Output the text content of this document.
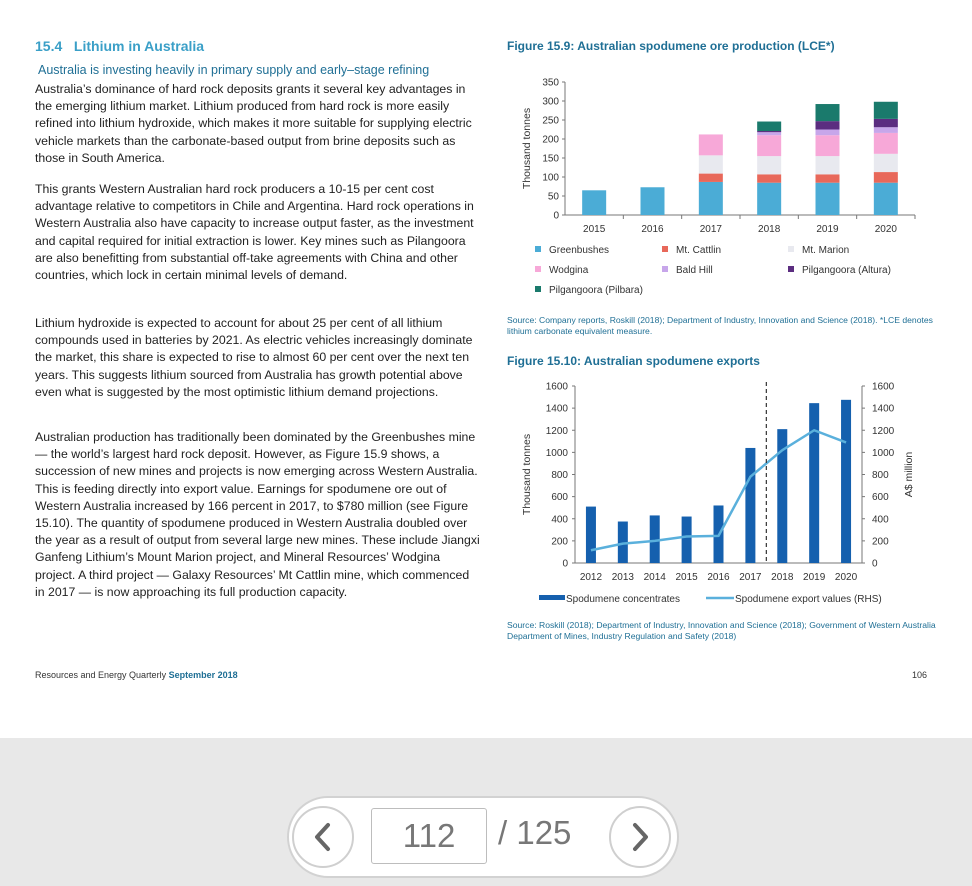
15.4 Lithium in Australia
Australia is investing heavily in primary supply and early–stage refining

Australia’s dominance of hard rock deposits grants it several key advantages in the emerging lithium market. Lithium produced from hard rock is more easily refined into lithium hydroxide, which makes it more suitable for supplying electric vehicle markets than the carbonate-based output from brine deposits such as those in South America.

This grants Western Australian hard rock producers a 10-15 per cent cost advantage relative to competitors in Chile and Argentina. Hard rock operations in Western Australia also have capacity to increase output faster, as the investment and capital required for initial extraction is lower. Key mines such as Pilangoora are also benefitting from substantial off-take agreements with China and other countries, which lock in certain minimal levels of demand.

Lithium hydroxide is expected to account for about 25 per cent of all lithium compounds used in batteries by 2021. As electric vehicles increasingly dominate the market, this share is expected to rise to almost 60 per cent over the next ten years. This suggests lithium sourced from Australia has growth potential above even what is suggested by the most optimistic lithium demand projections.

Australian production has traditionally been dominated by the Greenbushes mine — the world’s largest hard rock deposit. However, as Figure 15.9 shows, a succession of new mines and projects is now emerging across Western Australia. This is feeding directly into export value. Earnings for spodumene ore out of Western Australia increased by 166 percent in 2017, to $780 million (see Figure 15.10). The quantity of spodumene produced in Western Australia doubled over the year as a result of output from several large new mines. These include Jiangxi Ganfeng Lithium’s Mount Marion project, and Mineral Resources’ Wodgina project. A third project — Galaxy Resources’ Mt Cattlin mine, which commenced in 2017 — is now approaching its full production capacity.

Figure 15.9: Australian spodumene ore production (LCE*)
0
50
100
150
200
250
300
350
Thousand tonnes
2015	2016	2017	2018	2019	2020
Greenbushes	Mt. Cattlin	Mt. Marion
Wodgina	Bald Hill	Pilgangoora (Altura)
Pilgangoora (Pilbara)

Source: Company reports, Roskill (2018); Department of Industry, Innovation and Science (2018). *LCE denotes lithium carbonate equivalent measure.

Figure 15.10: Australian spodumene exports
0	0
200	200
400	400
600	600
800	800
1000	1000
1200	1200
1400	1400
1600	1600
Thousand tonnes	A$ million
2012 2013 2014 2015 2016 2017 2018 2019 2020
Spodumene concentrates	Spodumene export values (RHS)

Source: Roskill (2018); Department of Industry, Innovation and Science (2018); Government of Western Australia Department of Mines, Industry Regulation and Safety (2018)

Resources and Energy Quarterly September 2018	106
112	/ 125
